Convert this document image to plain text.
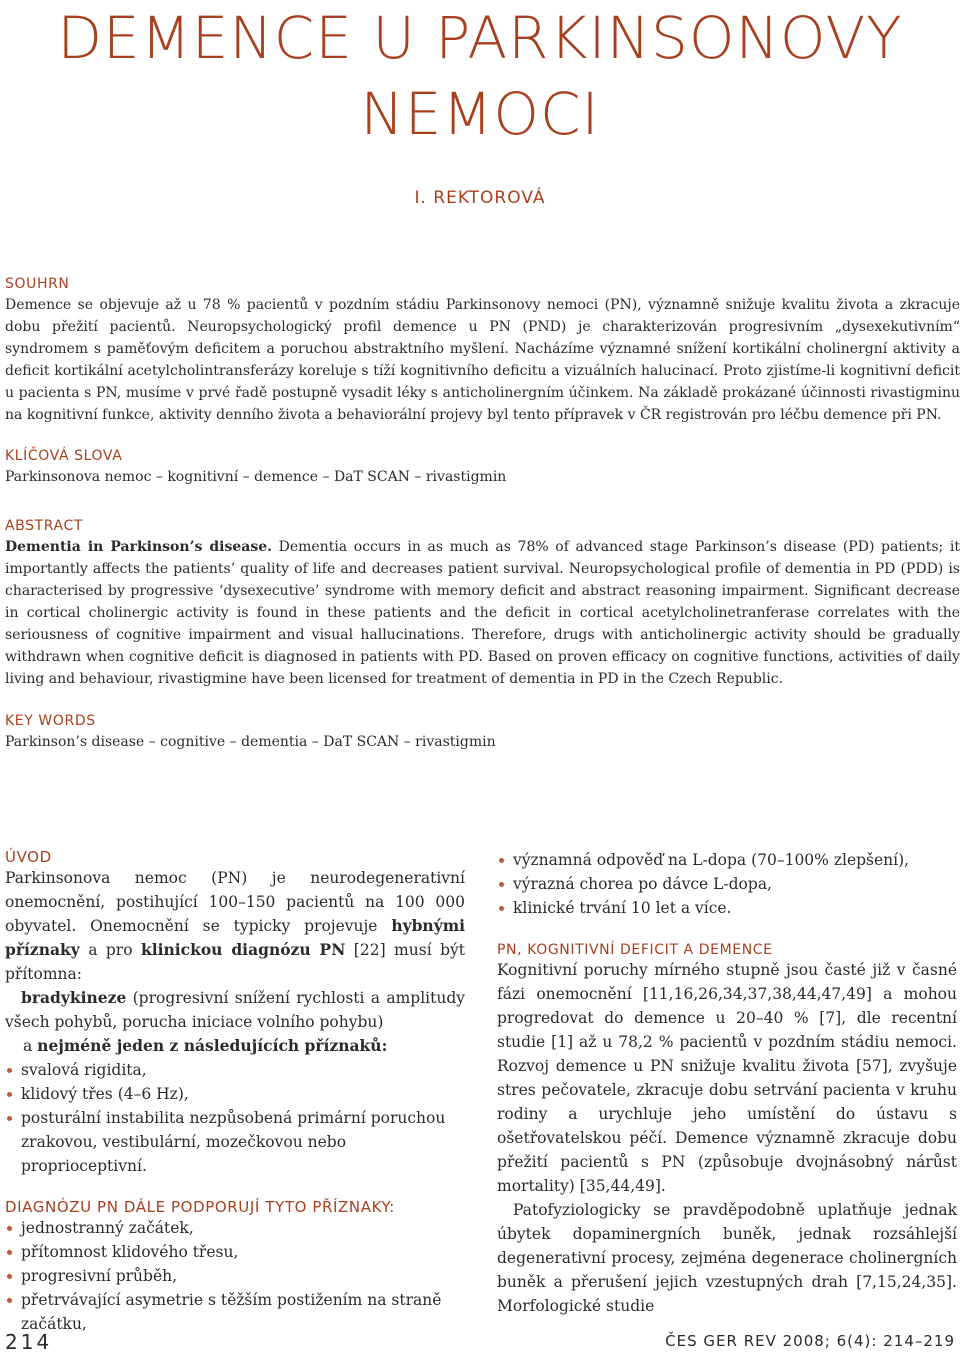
DEMENCE U PARKINSONOVY
NEMOCI
I. REKTOROVÁ
SOUHRN

Demence se objevuje až u 78 % pacientů v pozdním stádiu Parkinsonovy nemoci (PN), významně snižuje kvalitu života a zkracuje dobu přežití pacientů. Neuropsychologický profil demence u PN (PND) je charakterizován progresivním „dysexekutivním“ syndromem s paměťovým deficitem a poruchou abstraktního myšlení. Nacházíme významné snížení kortikální cholinergní aktivity a deficit kortikální acetylcholintransferázy koreluje s tíží kognitivního deficitu a vizuálních halucinací. Proto zjistíme-li kognitivní deficit u pacienta s PN, musíme v prvé řadě postupně vysadit léky s anticholinergním účinkem. Na základě prokázané účinnosti rivastigminu na kognitivní funkce, aktivity denního života a behaviorální projevy byl tento přípravek v ČR registrován pro léčbu demence při PN.

KLÍČOVÁ SLOVA

Parkinsonova nemoc – kognitivní – demence – DaT SCAN – rivastigmin

ABSTRACT

Dementia in Parkinson’s disease. Dementia occurs in as much as 78% of advanced stage Parkinson’s disease (PD) patients; it importantly affects the patients’ quality of life and decreases patient survival. Neuropsychological profile of dementia in PD (PDD) is characterised by progressive ‘dysexecutive’ syndrome with memory deficit and abstract reasoning impairment. Significant decrease in cortical cholinergic activity is found in these patients and the deficit in cortical acetylcholinetranferase correlates with the seriousness of cognitive impairment and visual hallucinations. Therefore, drugs with anticholinergic activity should be gradually withdrawn when cognitive deficit is diagnosed in patients with PD. Based on proven efficacy on cognitive functions, activities of daily living and behaviour, rivastigmine have been licensed for treatment of dementia in PD in the Czech Republic.

KEY WORDS

Parkinson’s disease – cognitive – dementia – DaT SCAN – rivastigmin

ÚVOD

Parkinsonova nemoc (PN) je neurodegenerativní onemocnění, postihující 100–150 pacientů na 100 000 obyvatel. Onemocnění se typicky projevuje hybnými příznaky a pro klinickou diagnózu PN [22] musí být přítomna:

bradykineze (progresivní snížení rychlosti a amplitudy všech pohybů, porucha iniciace volního pohybu)

a nejméně jeden z následujících příznaků:

svalová rigidita,
klidový třes (4–6 Hz),
posturální instabilita nezpůsobená primární poruchou zrakovou, vestibulární, mozečkovou nebo proprioceptivní.
DIAGNÓZU PN DÁLE PODPORUJÍ TYTO PŘÍZNAKY:
jednostranný začátek,
přítomnost klidového třesu,
progresivní průběh,
přetrvávající asymetrie s těžším postižením na straně začátku,
významná odpověď na L-dopa (70–100% zlepšení),
výrazná chorea po dávce L-dopa,
klinické trvání 10 let a více.
PN, KOGNITIVNÍ DEFICIT A DEMENCE

Kognitivní poruchy mírného stupně jsou časté již v časné fázi onemocnění [11,16,26,34,37,38,44,47,49] a mohou progredovat do demence u 20–40 % [7], dle recentní studie [1] až u 78,2 % pacientů v pozdním stádiu nemoci. Rozvoj demence u PN snižuje kvalitu života [57], zvyšuje stres pečovatele, zkracuje dobu setrvání pacienta v kruhu rodiny a urychluje jeho umístění do ústavu s ošetřovatelskou péčí. Demence významně zkracuje dobu přežití pacientů s PN (způsobuje dvojnásobný nárůst mortality) [35,44,49].

Patofyziologicky se pravděpodobně uplatňuje jednak úbytek dopaminergních buněk, jednak rozsáhlejší degenerativní procesy, zejména degenerace cholinergních buněk a přerušení jejich vzestupných drah [7,15,24,35]. Morfologické studie

214	ČES GER REV 2008; 6(4): 214–219
